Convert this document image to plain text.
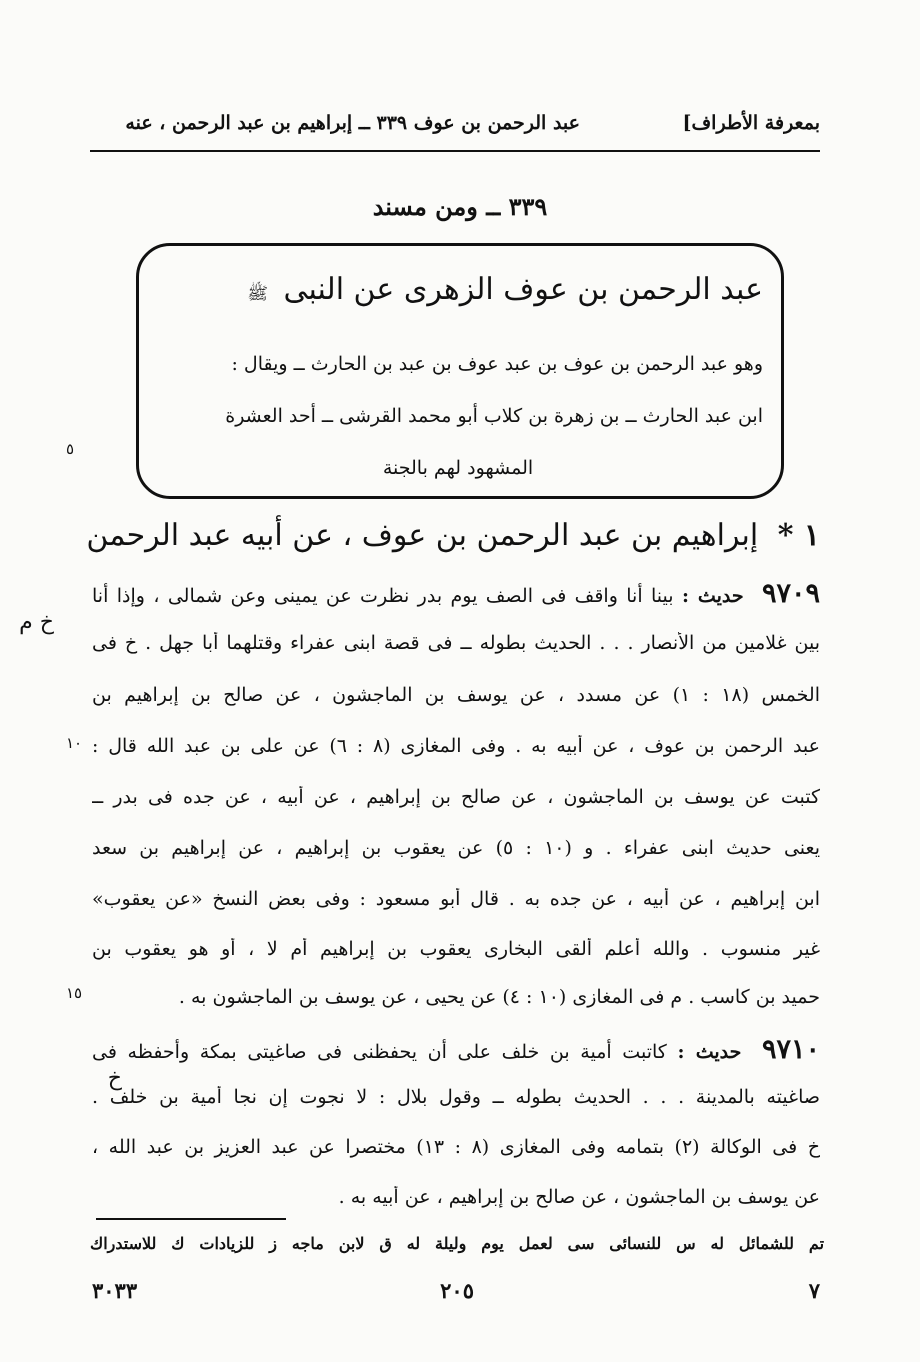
بمعرفة الأطراف]
عبد الرحمن بن عوف ٣٣٩ ــ إبراهيم بن عبد الرحمن ، عنه
٣٣٩ ــ ومن مسند
عبد الرحمن بن عوف الزهرى عن النبى ﷺ
وهو عبد الرحمن بن عوف بن عبد عوف بن عبد بن الحارث ــ ويقال :
ابن عبد الحارث ــ بن زهرة بن كلاب أبو محمد القرشى ــ أحد العشرة
المشهود لهم بالجنة
٥
١٠
١٥
١ * إبراهيم بن عبد الرحمن بن عوف ، عن أبيه عبد الرحمن
٩٧٠٩ حديث : بينا أنا واقف فى الصف يوم بدر نظرت عن يمينى وعن شمالى ، وإذا أنا
خ م
بين غلامين من الأنصار . . . الحديث بطوله ــ فى قصة ابنى عفراء وقتلهما أبا جهل . خ فى
الخمس (١٨ : ١) عن مسدد ، عن يوسف بن الماجشون ، عن صالح بن إبراهيم بن
عبد الرحمن بن عوف ، عن أبيه به . وفى المغازى (٨ : ٦) عن على بن عبد الله قال :
كتبت عن يوسف بن الماجشون ، عن صالح بن إبراهيم ، عن أبيه ، عن جده فى بدر ــ
يعنى حديث ابنى عفراء . و (١٠ : ٥) عن يعقوب بن إبراهيم ، عن إبراهيم بن سعد
ابن إبراهيم ، عن أبيه ، عن جده به . قال أبو مسعود : وفى بعض النسخ «عن يعقوب»
غير منسوب . والله أعلم ألقى البخارى يعقوب بن إبراهيم أم لا ، أو هو يعقوب بن
حميد بن كاسب . م فى المغازى (١٠ : ٤) عن يحيى ، عن يوسف بن الماجشون به .
٩٧١٠ حديث : كاتبت أمية بن خلف على أن يحفظنى فى صاغيتى بمكة وأحفظه فى
خ
صاغيته بالمدينة . . . الحديث بطوله ــ وقول بلال : لا نجوت إن نجا أمية بن خلف .
خ فى الوكالة (٢) بتمامه وفى المغازى (٨ : ١٣) مختصرا عن عبد العزيز بن عبد الله ،
عن يوسف بن الماجشون ، عن صالح بن إبراهيم ، عن أبيه به .
تم للشمائل له س للنسائى سى لعمل يوم وليلة له ق لابن ماجه ز للزيادات ك للاستدراك
٧
٢٠٥
٣٠٣٣
